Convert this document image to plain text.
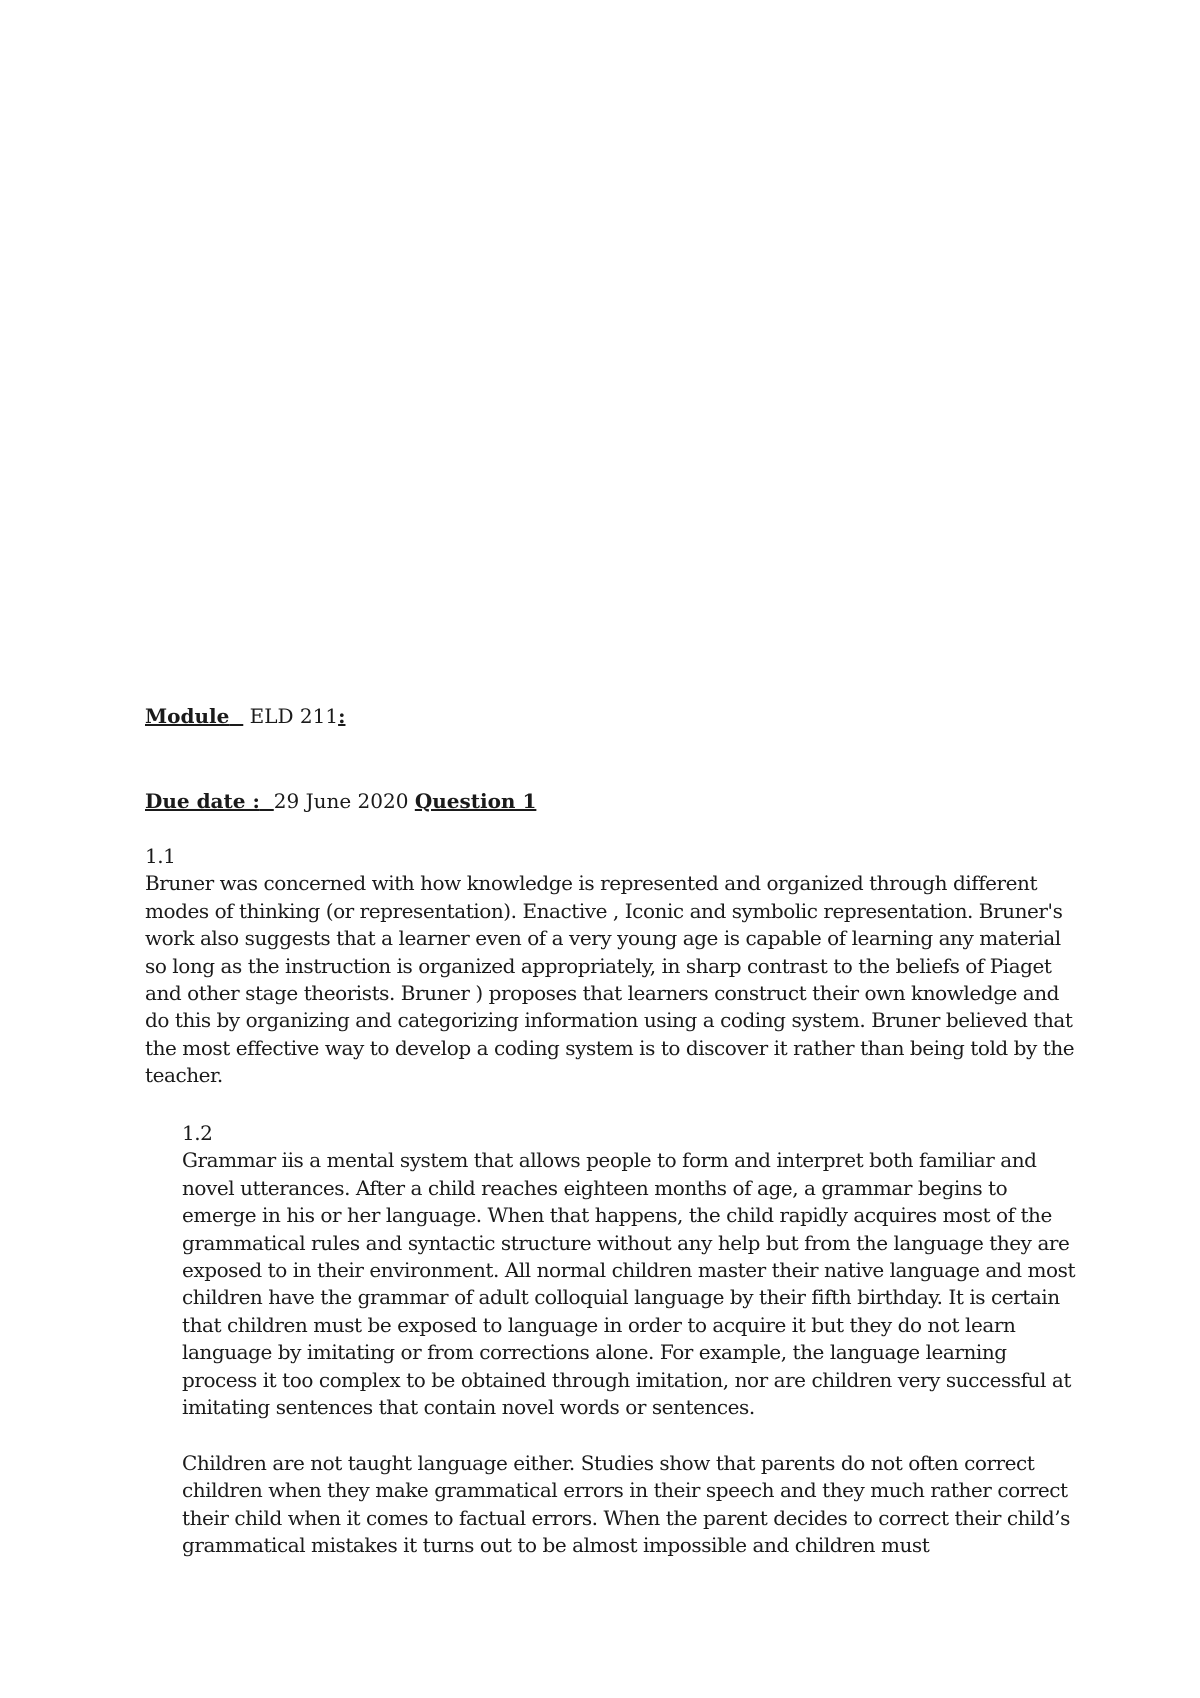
Module   ELD 211:
Due date : 29 June 2020 Question 1
1.1

Bruner was concerned with how knowledge is represented and organized through different modes of thinking (or representation). Enactive , Iconic and symbolic representation. Bruner's work also suggests that a learner even of a very young age is capable of learning any material so long as the instruction is organized appropriately, in sharp contrast to the beliefs of Piaget and other stage theorists. Bruner ) proposes that learners construct their own knowledge and do this by organizing and categorizing information using a coding system. Bruner believed that the most effective way to develop a coding system is to discover it rather than being told by the teacher.

1.2

Grammar iis a mental system that allows people to form and interpret both familiar and novel utterances. After a child reaches eighteen months of age, a grammar begins to emerge in his or her language. When that happens, the child rapidly acquires most of the grammatical rules and syntactic structure without any help but from the language they are exposed to in their environment. All normal children master their native language and most children have the grammar of adult colloquial language by their fifth birthday. It is certain that children must be exposed to language in order to acquire it but they do not learn language by imitating or from corrections alone. For example, the language learning process it too complex to be obtained through imitation, nor are children very successful at imitating sentences that contain novel words or sentences.

Children are not taught language either. Studies show that parents do not often correct children when they make grammatical errors in their speech and they much rather correct their child when it comes to factual errors. When the parent decides to correct their child’s grammatical mistakes it turns out to be almost impossible and children must
